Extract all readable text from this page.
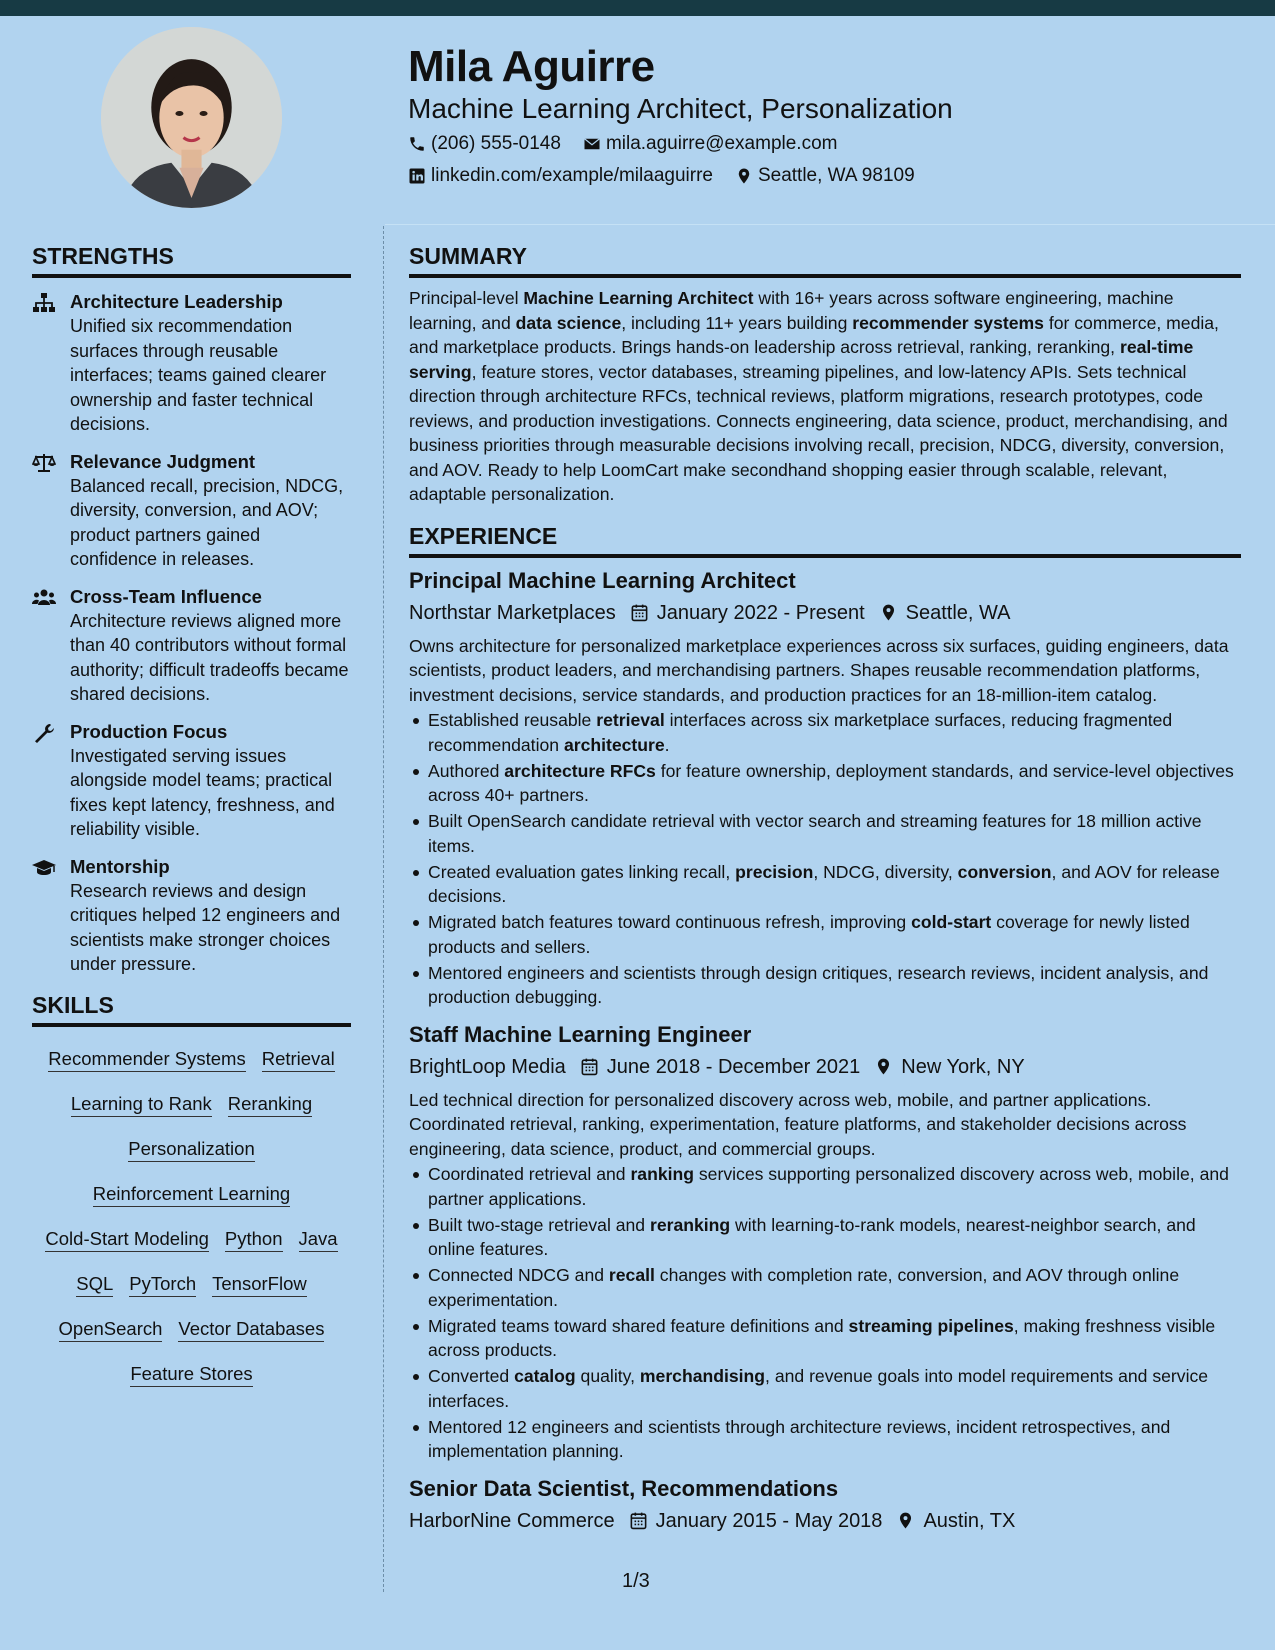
Mila Aguirre
Machine Learning Architect, Personalization
(206) 555-0148 mila.aguirre@example.com
linkedin.com/example/milaaguirre Seattle, WA 98109
STRENGTHS
Architecture Leadership
Unified six recommendation surfaces through reusable interfaces; teams gained clearer ownership and faster technical decisions.
Relevance Judgment
Balanced recall, precision, NDCG, diversity, conversion, and AOV; product partners gained confidence in releases.
Cross-Team Influence
Architecture reviews aligned more than 40 contributors without formal authority; difficult tradeoffs became shared decisions.
Production Focus
Investigated serving issues alongside model teams; practical fixes kept latency, freshness, and reliability visible.
Mentorship
Research reviews and design critiques helped 12 engineers and scientists make stronger choices under pressure.
SKILLS
Recommender Systems Retrieval
Learning to Rank Reranking
Personalization
Reinforcement Learning
Cold-Start Modeling Python Java
SQL PyTorch TensorFlow
OpenSearch Vector Databases
Feature Stores
SUMMARY
Principal-level Machine Learning Architect with 16+ years across software engineering, machine learning, and data science, including 11+ years building recommender systems for commerce, media, and marketplace products. Brings hands-on leadership across retrieval, ranking, reranking, real-time serving, feature stores, vector databases, streaming pipelines, and low-latency APIs. Sets technical direction through architecture RFCs, technical reviews, platform migrations, research prototypes, code reviews, and production investigations. Connects engineering, data science, product, merchandising, and business priorities through measurable decisions involving recall, precision, NDCG, diversity, conversion, and AOV. Ready to help LoomCart make secondhand shopping easier through scalable, relevant, adaptable personalization.
EXPERIENCE
Principal Machine Learning Architect
Northstar Marketplaces January 2022 - Present Seattle, WA
Owns architecture for personalized marketplace experiences across six surfaces, guiding engineers, data scientists, product leaders, and merchandising partners. Shapes reusable recommendation platforms, investment decisions, service standards, and production practices for an 18-million-item catalog.
Established reusable retrieval interfaces across six marketplace surfaces, reducing fragmented recommendation architecture.
Authored architecture RFCs for feature ownership, deployment standards, and service-level objectives across 40+ partners.
Built OpenSearch candidate retrieval with vector search and streaming features for 18 million active items.
Created evaluation gates linking recall, precision, NDCG, diversity, conversion, and AOV for release decisions.
Migrated batch features toward continuous refresh, improving cold-start coverage for newly listed products and sellers.
Mentored engineers and scientists through design critiques, research reviews, incident analysis, and production debugging.
Staff Machine Learning Engineer
BrightLoop Media June 2018 - December 2021 New York, NY
Led technical direction for personalized discovery across web, mobile, and partner applications. Coordinated retrieval, ranking, experimentation, feature platforms, and stakeholder decisions across engineering, data science, product, and commercial groups.
Coordinated retrieval and ranking services supporting personalized discovery across web, mobile, and partner applications.
Built two-stage retrieval and reranking with learning-to-rank models, nearest-neighbor search, and online features.
Connected NDCG and recall changes with completion rate, conversion, and AOV through online experimentation.
Migrated teams toward shared feature definitions and streaming pipelines, making freshness visible across products.
Converted catalog quality, merchandising, and revenue goals into model requirements and service interfaces.
Mentored 12 engineers and scientists through architecture reviews, incident retrospectives, and implementation planning.
Senior Data Scientist, Recommendations
HarborNine Commerce January 2015 - May 2018 Austin, TX
1/3
